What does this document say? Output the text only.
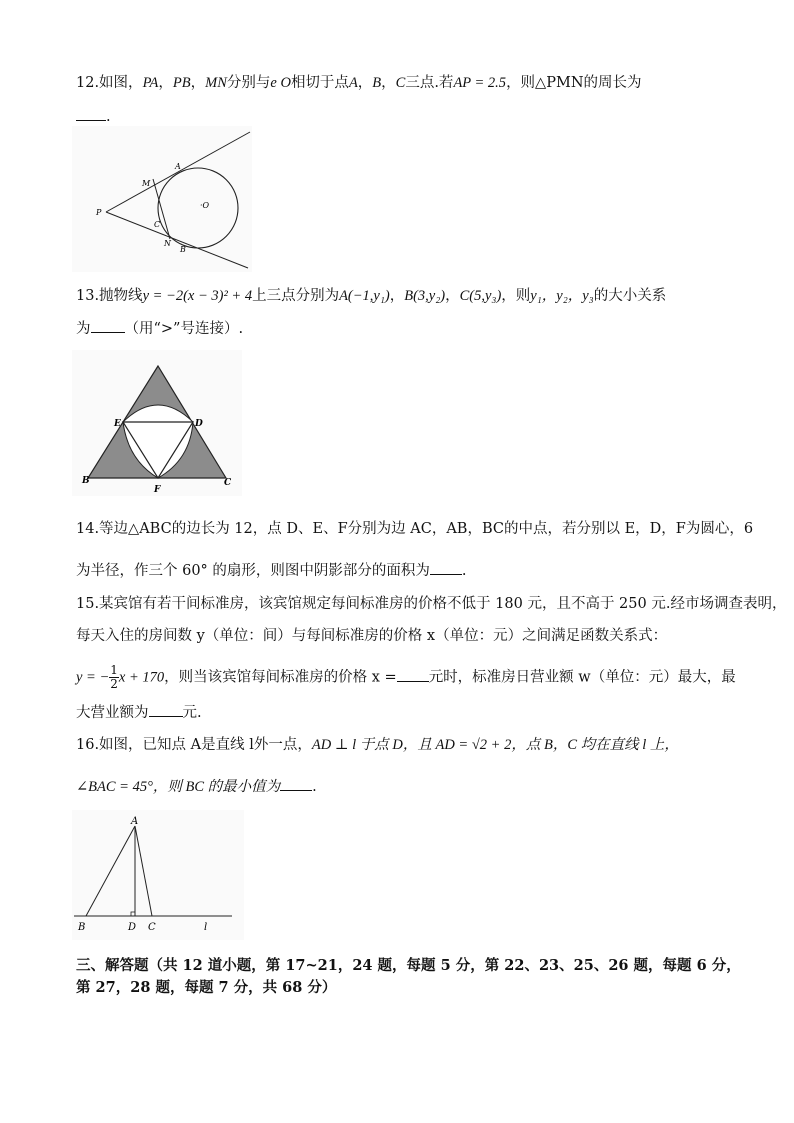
12.如图，PA，PB，MN分别与e O相切于点A，B，C三点.若AP = 2.5，则△PMN的周长为
.
P
M
A
·O
C
N
B
13.抛物线y = −2(x − 3)² + 4上三点分别为A(−1,y₁)，B(3,y₂)，C(5,y₃)，则y₁，y₂，y₃的大小关系
为 （用“>”号连接）.
E	D
B
F
C
14.等边△ABC的边长为 12，点 D、E、F分别为边 AC，AB，BC的中点，若分别以 E，D，F为圆心，6
为半径，作三个 60° 的扇形，则图中阴影部分的面积为 .
15.某宾馆有若干间标准房，该宾馆规定每间标准房的价格不低于 180 元，且不高于 250 元.经市场调查表明，
每天入住的房间数 y（单位：间）与每间标准房的价格 x（单位：元）之间满足函数关系式：
y = − $\frac{1}{2}$ x + 170，则当该宾馆每间标准房的价格 x = 元时，标准房日营业额 w（单位：元）最大，最
大营业额为 元.
16.如图，已知点 A是直线 l外一点，AD ⊥ l 于点 D，且 AD = √2 + 2，点 B，C 均在直线 l 上，
∠BAC = 45°，则 BC 的最小值为 .
A
B	D C	l
三、解答题（共 12 道小题，第 17~21，24 题，每题 5 分，第 22、23、25、26 题，每题 6 分，
第 27，28 题，每题 7 分，共 68 分）
